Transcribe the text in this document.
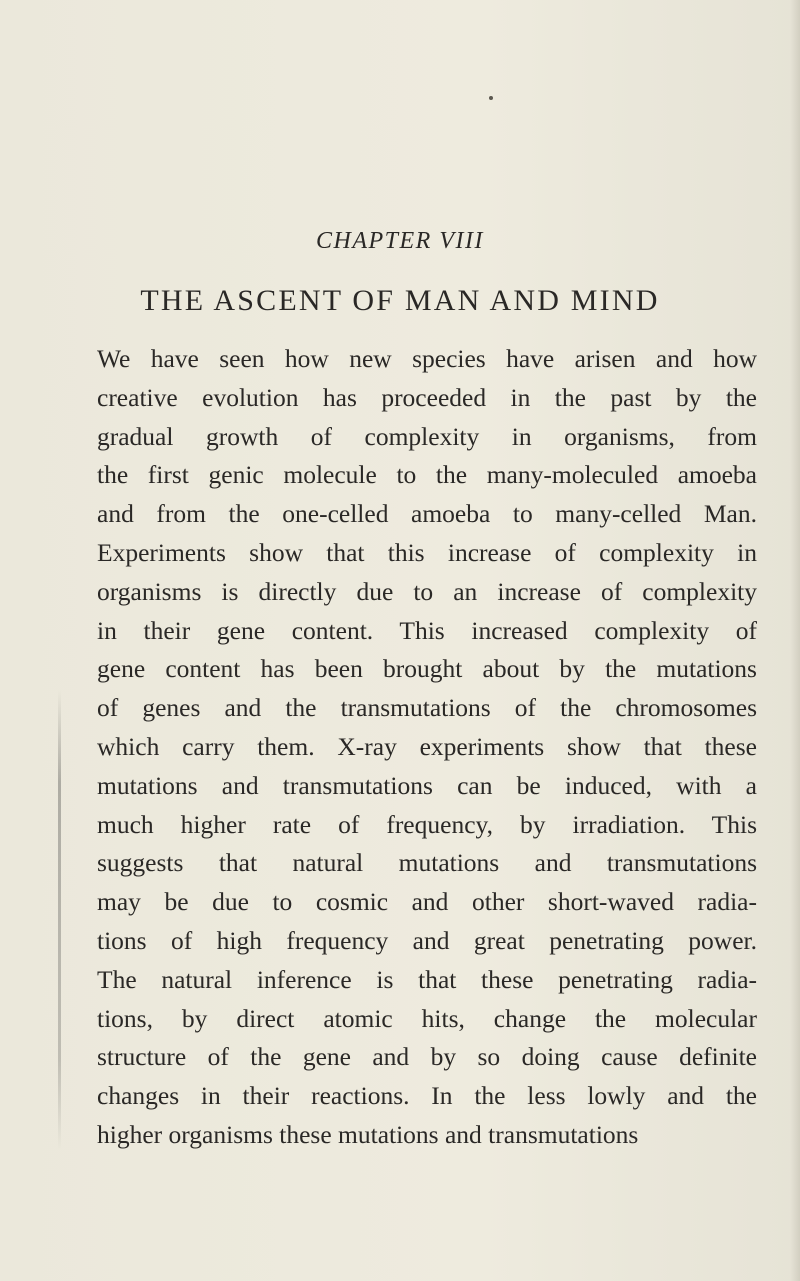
CHAPTER VIII
THE ASCENT OF MAN AND MIND
We have seen how new species have arisen and how
creative evolution has proceeded in the past by the
gradual growth of complexity in organisms, from
the first genic molecule to the many-moleculed amoeba
and from the one-celled amoeba to many-celled Man.
Experiments show that this increase of complexity in
organisms is directly due to an increase of complexity
in their gene content. This increased complexity of
gene content has been brought about by the mutations
of genes and the transmutations of the chromosomes
which carry them. X-ray experiments show that these
mutations and transmutations can be induced, with a
much higher rate of frequency, by irradiation. This
suggests that natural mutations and transmutations
may be due to cosmic and other short-waved radia-
tions of high frequency and great penetrating power.
The natural inference is that these penetrating radia-
tions, by direct atomic hits, change the molecular
structure of the gene and by so doing cause definite
changes in their reactions. In the less lowly and the
higher organisms these mutations and transmutations
